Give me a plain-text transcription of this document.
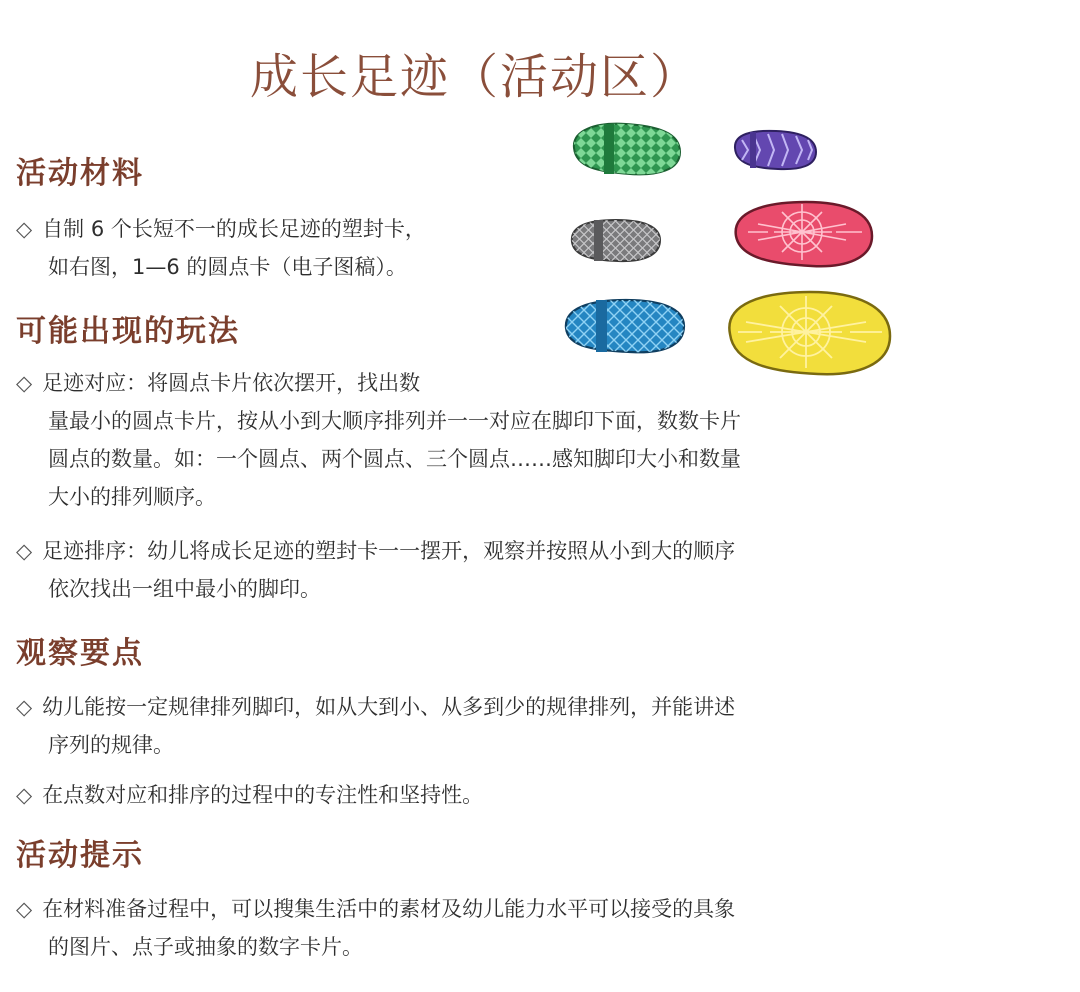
成长足迹（活动区）
活动材料
◇ 自制 6 个长短不一的成长足迹的塑封卡，
如右图，1—6 的圆点卡（电子图稿）。
可能出现的玩法
◇ 足迹对应：将圆点卡片依次摆开，找出数
量最小的圆点卡片，按从小到大顺序排列并一一对应在脚印下面，数数卡片
圆点的数量。如：一个圆点、两个圆点、三个圆点……感知脚印大小和数量
大小的排列顺序。
◇ 足迹排序：幼儿将成长足迹的塑封卡一一摆开，观察并按照从小到大的顺序
依次找出一组中最小的脚印。
观察要点
◇ 幼儿能按一定规律排列脚印，如从大到小、从多到少的规律排列，并能讲述
序列的规律。
◇ 在点数对应和排序的过程中的专注性和坚持性。
活动提示
◇ 在材料准备过程中，可以搜集生活中的素材及幼儿能力水平可以接受的具象
的图片、点子或抽象的数字卡片。
